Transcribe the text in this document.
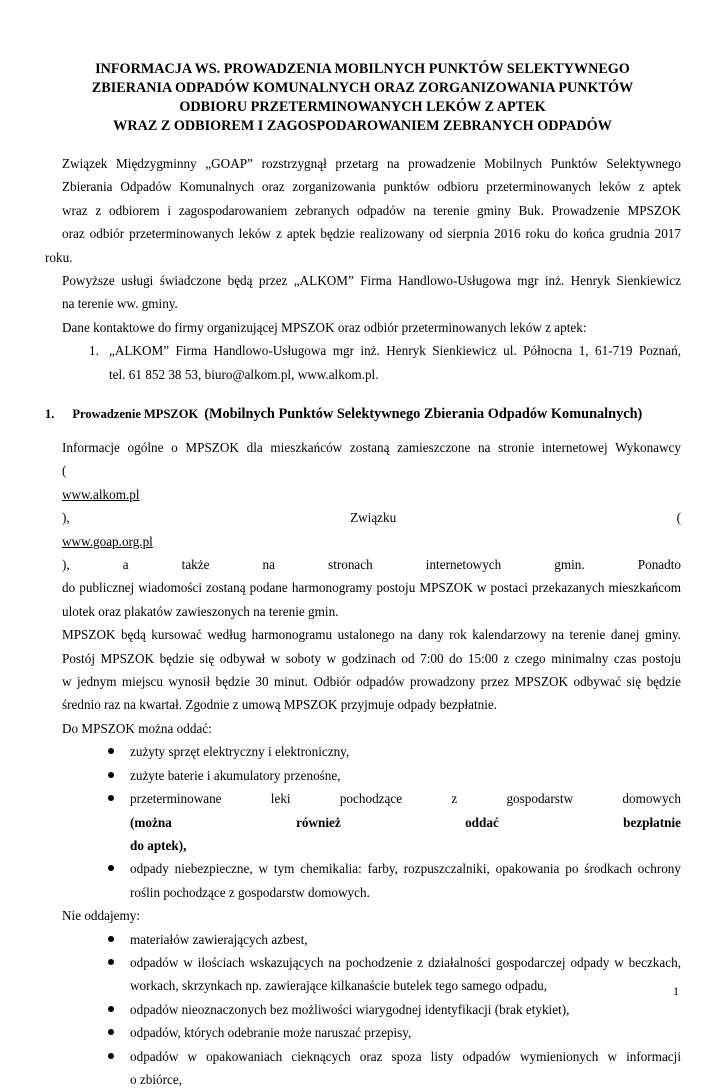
INFORMACJA WS. PROWADZENIA MOBILNYCH PUNKTÓW SELEKTYWNEGO
ZBIERANIA ODPADÓW KOMUNALNYCH ORAZ ZORGANIZOWANIA PUNKTÓW
ODBIORU PRZETERMINOWANYCH LEKÓW Z APTEK
WRAZ Z ODBIOREM I ZAGOSPODAROWANIEM ZEBRANYCH ODPADÓW

Związek Międzygminny „GOAP” rozstrzygnął przetarg na prowadzenie Mobilnych Punktów Selektywnego
Zbierania Odpadów Komunalnych oraz zorganizowania punktów odbioru przeterminowanych leków z aptek
wraz z odbiorem i zagospodarowaniem zebranych odpadów na terenie gminy Buk. Prowadzenie MPSZOK
oraz odbiór przeterminowanych leków z aptek będzie realizowany od sierpnia 2016 roku do końca grudnia 2017 roku.
Powyższe usługi świadczone będą przez „ALKOM” Firma Handlowo-Usługowa mgr inż. Henryk Sienkiewicz
na terenie ww. gminy.

Dane kontaktowe do firmy organizującej MPSZOK oraz odbiór przeterminowanych leków z aptek:

1. „ALKOM” Firma Handlowo-Usługowa mgr inż. Henryk Sienkiewicz ul. Północna 1, 61-719 Poznań,
tel. 61 852 38 53, biuro@alkom.pl, www.alkom.pl.
1. Prowadzenie MPSZOK (Mobilnych Punktów Selektywnego Zbierania Odpadów Komunalnych)

Informacje ogólne o MPSZOK dla mieszkańców zostaną zamieszczone na stronie internetowej Wykonawcy
(
www.alkom.pl
), Związku (
www.goap.org.pl
), a także na stronach internetowych gmin. Ponadto
do publicznej wiadomości zostaną podane harmonogramy postoju MPSZOK w postaci przekazanych mieszkańcom
ulotek oraz plakatów zawieszonych na terenie gmin.

MPSZOK będą kursować według harmonogramu ustalonego na dany rok kalendarzowy na terenie danej gminy.
Postój MPSZOK będzie się odbywał w soboty w godzinach od 7:00 do 15:00 z czego minimalny czas postoju
w jednym miejscu wynosił będzie 30 minut. Odbiór odpadów prowadzony przez MPSZOK odbywać się będzie
średnio raz na kwartał. Zgodnie z umową MPSZOK przyjmuje odpady bezpłatnie.

Do MPSZOK można oddać:

zużyty sprzęt elektryczny i elektroniczny,
zużyte baterie i akumulatory przenośne,
przeterminowane leki pochodzące z gospodarstw domowych
(można również oddać bezpłatnie
do aptek),
odpady niebezpieczne, w tym chemikalia: farby, rozpuszczalniki, opakowania po środkach ochrony
roślin pochodzące z gospodarstw domowych.

Nie oddajemy:

materiałów zawierających azbest,
odpadów w ilościach wskazujących na pochodzenie z działalności gospodarczej odpady w beczkach,
workach, skrzynkach np. zawierające kilkanaście butelek tego samego odpadu,
odpadów nieoznaczonych bez możliwości wiarygodnej identyfikacji (brak etykiet),
odpadów, których odebranie może naruszać przepisy,
odpadów w opakowaniach cieknących oraz spoza listy odpadów wymienionych w informacji
o zbiórce,

1
